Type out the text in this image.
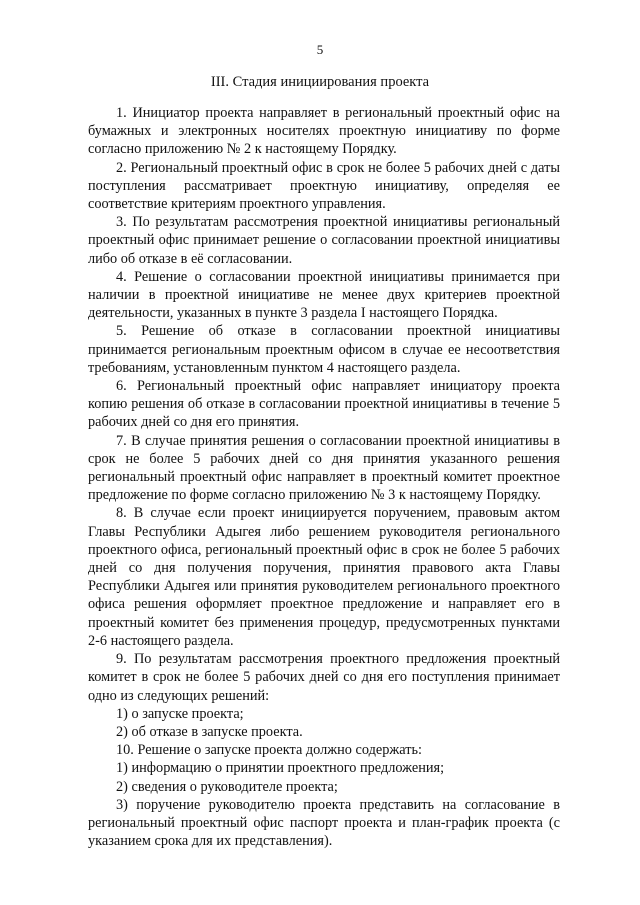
5
III. Стадия инициирования проекта

1. Инициатор проекта направляет в региональный проектный офис на бумажных и электронных носителях проектную инициативу по форме согласно приложению № 2 к настоящему Порядку.

2. Региональный проектный офис в срок не более 5 рабочих дней с даты поступления рассматривает проектную инициативу, определяя ее соответствие критериям проектного управления.

3. По результатам рассмотрения проектной инициативы региональный проектный офис принимает решение о согласовании проектной инициативы либо об отказе в её согласовании.

4. Решение о согласовании проектной инициативы принимается при наличии в проектной инициативе не менее двух критериев проектной деятельности, указанных в пункте 3 раздела I настоящего Порядка.

5. Решение об отказе в согласовании проектной инициативы принимается региональным проектным офисом в случае ее несоответствия требованиям, установленным пунктом 4 настоящего раздела.

6. Региональный проектный офис направляет инициатору проекта копию решения об отказе в согласовании проектной инициативы в течение 5 рабочих дней со дня его принятия.

7. В случае принятия решения о согласовании проектной инициативы в срок не более 5 рабочих дней со дня принятия указанного решения региональный проектный офис направляет в проектный комитет проектное предложение по форме согласно приложению № 3 к настоящему Порядку.

8. В случае если проект инициируется поручением, правовым актом Главы Республики Адыгея либо решением руководителя регионального проектного офиса, региональный проектный офис в срок не более 5 рабочих дней со дня получения поручения, принятия правового акта Главы Республики Адыгея или принятия руководителем регионального проектного офиса решения оформляет проектное предложение и направляет его в проектный комитет без применения процедур, предусмотренных пунктами 2-6 настоящего раздела.

9. По результатам рассмотрения проектного предложения проектный комитет в срок не более 5 рабочих дней со дня его поступления принимает одно из следующих решений:

1) о запуске проекта;

2) об отказе в запуске проекта.

10. Решение о запуске проекта должно содержать:

1) информацию о принятии проектного предложения;

2) сведения о руководителе проекта;

3) поручение руководителю проекта представить на согласование в региональный проектный офис паспорт проекта и план-график проекта (с указанием срока для их представления).
